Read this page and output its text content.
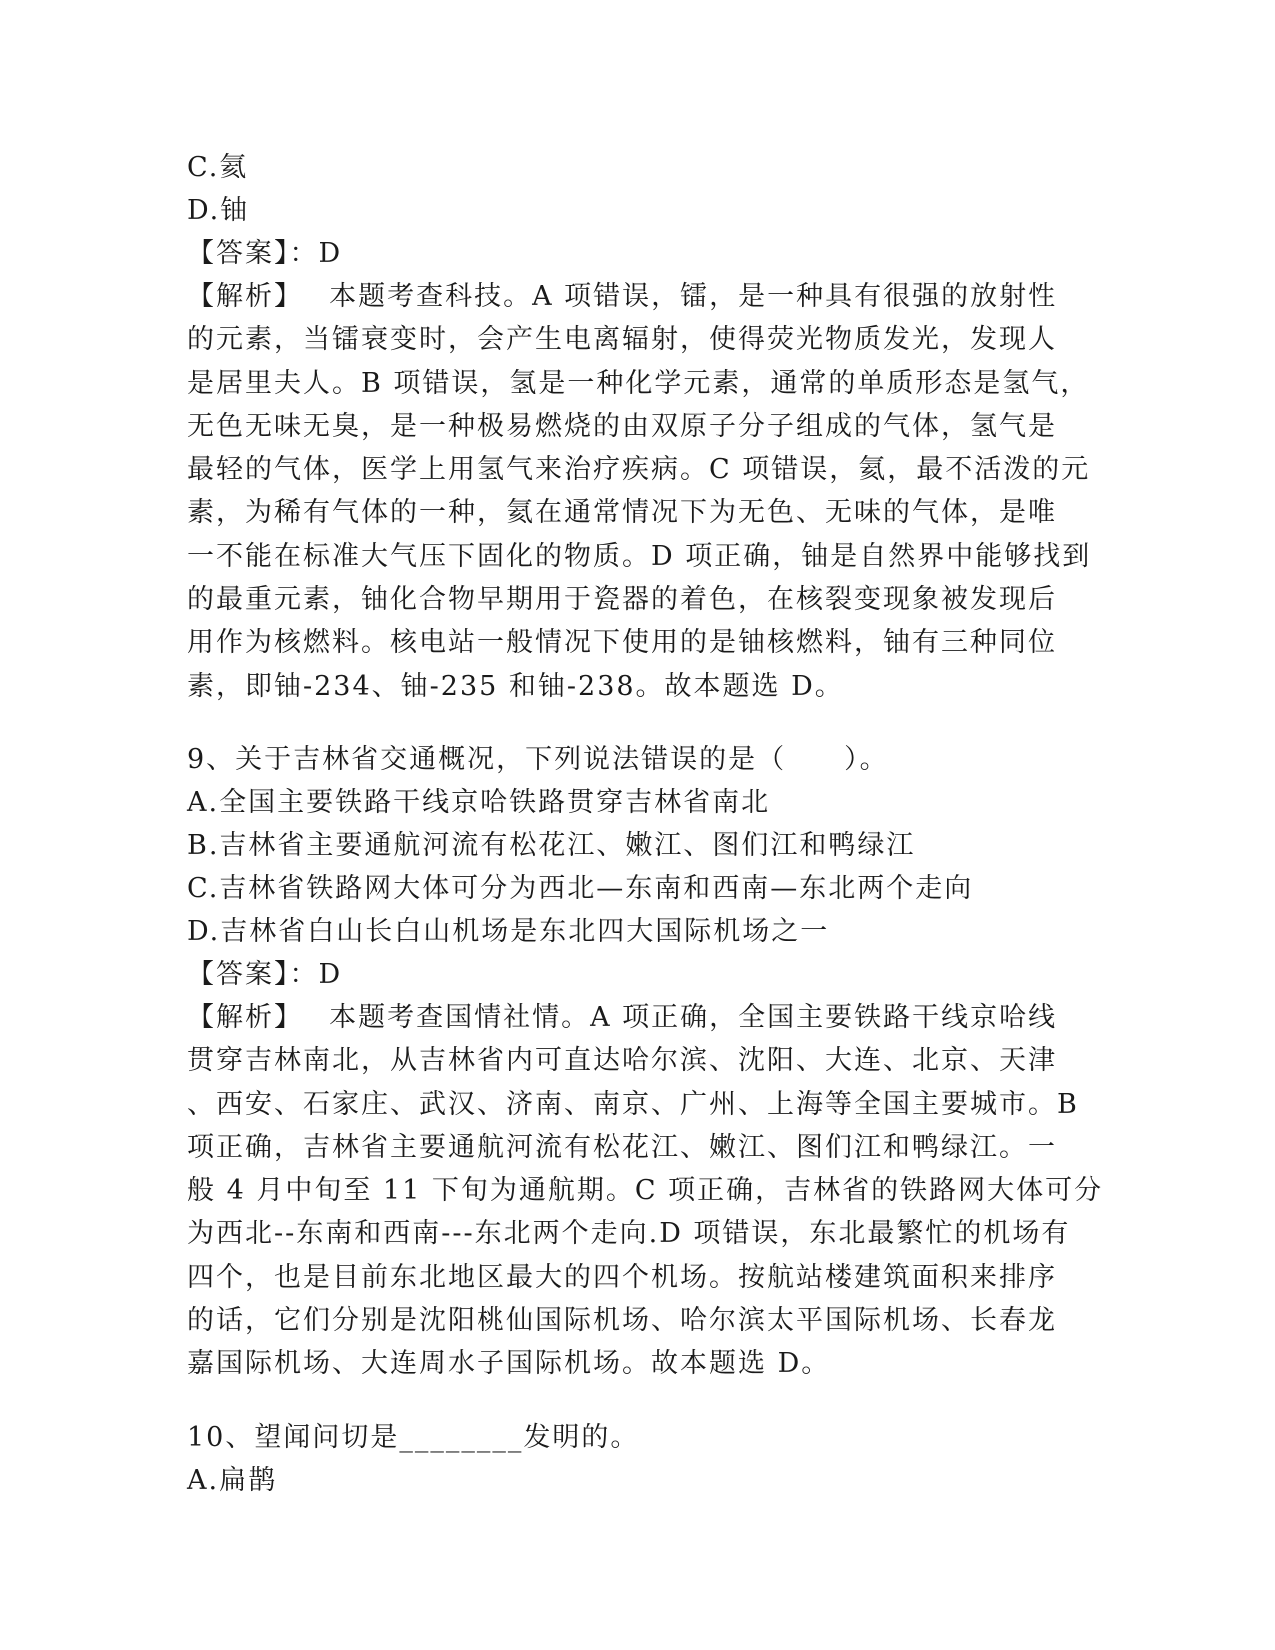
C.氦
D.铀
【答案】：D
【解析】　 本题考查科技。A 项错误，镭，是一种具有很强的放射性
的元素，当镭衰变时，会产生电离辐射，使得荧光物质发光，发现人
是居里夫人。B 项错误，氢是一种化学元素，通常的单质形态是氢气，
无色无味无臭，是一种极易燃烧的由双原子分子组成的气体，氢气是
最轻的气体，医学上用氢气来治疗疾病。C 项错误，氦，最不活泼的元
素，为稀有气体的一种，氦在通常情况下为无色、无味的气体，是唯
一不能在标准大气压下固化的物质。D 项正确，铀是自然界中能够找到
的最重元素，铀化合物早期用于瓷器的着色，在核裂变现象被发现后
用作为核燃料。核电站一般情况下使用的是铀核燃料，铀有三种同位
素，即铀-234、铀-235 和铀-238。故本题选 D。
9、关于吉林省交通概况，下列说法错误的是（　　）。
A.全国主要铁路干线京哈铁路贯穿吉林省南北
B.吉林省主要通航河流有松花江、嫩江、图们江和鸭绿江
C.吉林省铁路网大体可分为西北—东南和西南—东北两个走向
D.吉林省白山长白山机场是东北四大国际机场之一
【答案】：D
【解析】　 本题考查国情社情。A 项正确，全国主要铁路干线京哈线
贯穿吉林南北，从吉林省内可直达哈尔滨、沈阳、大连、北京、天津
、西安、石家庄、武汉、济南、南京、广州、上海等全国主要城市。B
项正确，吉林省主要通航河流有松花江、嫩江、图们江和鸭绿江。一
般 4 月中旬至 11 下旬为通航期。C 项正确，吉林省的铁路网大体可分
为西北--东南和西南---东北两个走向.D 项错误，东北最繁忙的机场有
四个，也是目前东北地区最大的四个机场。按航站楼建筑面积来排序
的话，它们分别是沈阳桃仙国际机场、哈尔滨太平国际机场、长春龙
嘉国际机场、大连周水子国际机场。故本题选 D。
10、望闻问切是________发明的。
A.扁鹊
